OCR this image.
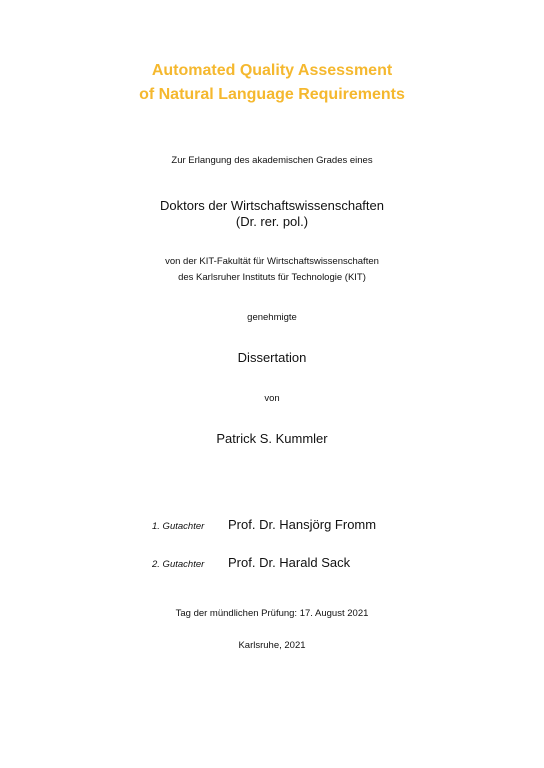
Automated Quality Assessment
of Natural Language Requirements
Zur Erlangung des akademischen Grades eines
Doktors der Wirtschaftswissenschaften
(Dr. rer. pol.)
von der KIT-Fakultät für Wirtschaftswissenschaften
des Karlsruher Instituts für Technologie (KIT)
genehmigte
Dissertation
von
Patrick S. Kummler
1. Gutachter Prof. Dr. Hansjörg Fromm
2. Gutachter Prof. Dr. Harald Sack
Tag der mündlichen Prüfung: 17. August 2021
Karlsruhe, 2021
